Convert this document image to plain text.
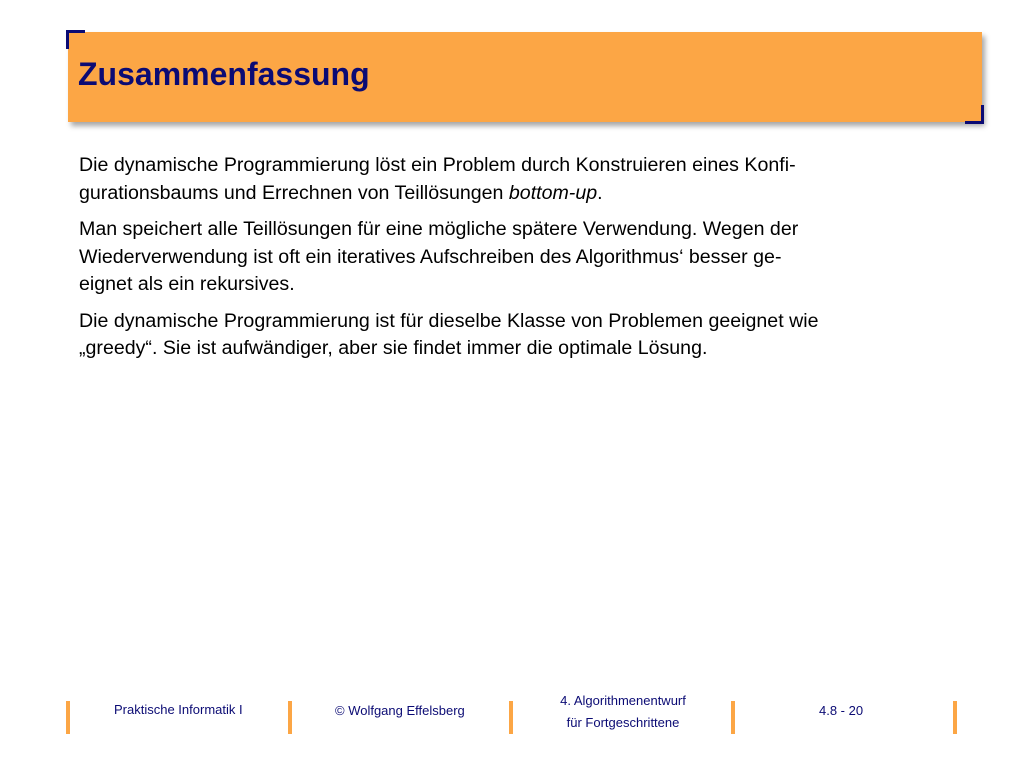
Zusammenfassung

Die dynamische Programmierung löst ein Problem durch Konstruieren eines Konfi-
gurationsbaums und Errechnen von Teillösungen bottom-up.

Man speichert alle Teillösungen für eine mögliche spätere Verwendung. Wegen der
Wiederverwendung ist oft ein iteratives Aufschreiben des Algorithmus‘ besser ge-
eignet als ein rekursives.

Die dynamische Programmierung ist für dieselbe Klasse von Problemen geeignet wie
„greedy“. Sie ist aufwändiger, aber sie findet immer die optimale Lösung.

Praktische Informatik I	© Wolfgang Effelsberg
4. Algorithmenentwurf
für Fortgeschrittene
4.8 - 20
